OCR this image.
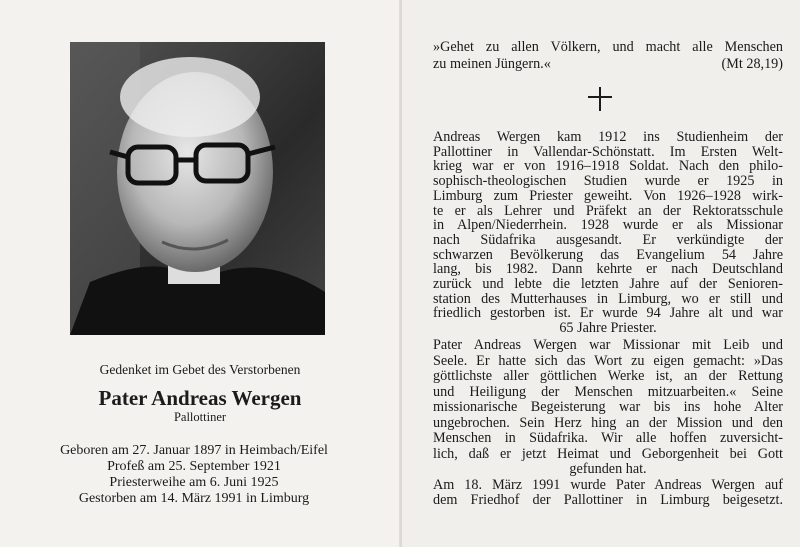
Gedenket im Gebet des Verstorbenen
Pater Andreas Wergen
Pallottiner
Geboren am 27. Januar 1897 in Heimbach/Eifel
Profeß am 25. September 1921
Priesterweihe am 6. Juni 1925
Gestorben am 14. März 1991 in Limburg
»Gehet zu allen Völkern, und macht alle Menschen
zu meinen Jüngern.«	(Mt 28,19)
Andreas Wergen kam 1912 ins Studienheim der
Pallottiner in Vallendar-Schönstatt. Im Ersten Welt-
krieg war er von 1916–1918 Soldat. Nach den philo-
sophisch-theologischen Studien wurde er 1925 in
Limburg zum Priester geweiht. Von 1926–1928 wirk-
te er als Lehrer und Präfekt an der Rektoratsschule
in Alpen/Niederrhein. 1928 wurde er als Missionar
nach Südafrika ausgesandt. Er verkündigte der
schwarzen Bevölkerung das Evangelium 54 Jahre
lang, bis 1982. Dann kehrte er nach Deutschland
zurück und lebte die letzten Jahre auf der Senioren-
station des Mutterhauses in Limburg, wo er still und
friedlich gestorben ist. Er wurde 94 Jahre alt und war
65 Jahre Priester.
Pater Andreas Wergen war Missionar mit Leib und
Seele. Er hatte sich das Wort zu eigen gemacht: »Das
göttlichste aller göttlichen Werke ist, an der Rettung
und Heiligung der Menschen mitzuarbeiten.« Seine
missionarische Begeisterung war bis ins hohe Alter
ungebrochen. Sein Herz hing an der Mission und den
Menschen in Südafrika. Wir alle hoffen zuversicht-
lich, daß er jetzt Heimat und Geborgenheit bei Gott
gefunden hat.
Am 18. März 1991 wurde Pater Andreas Wergen auf
dem Friedhof der Pallottiner in Limburg beigesetzt.
